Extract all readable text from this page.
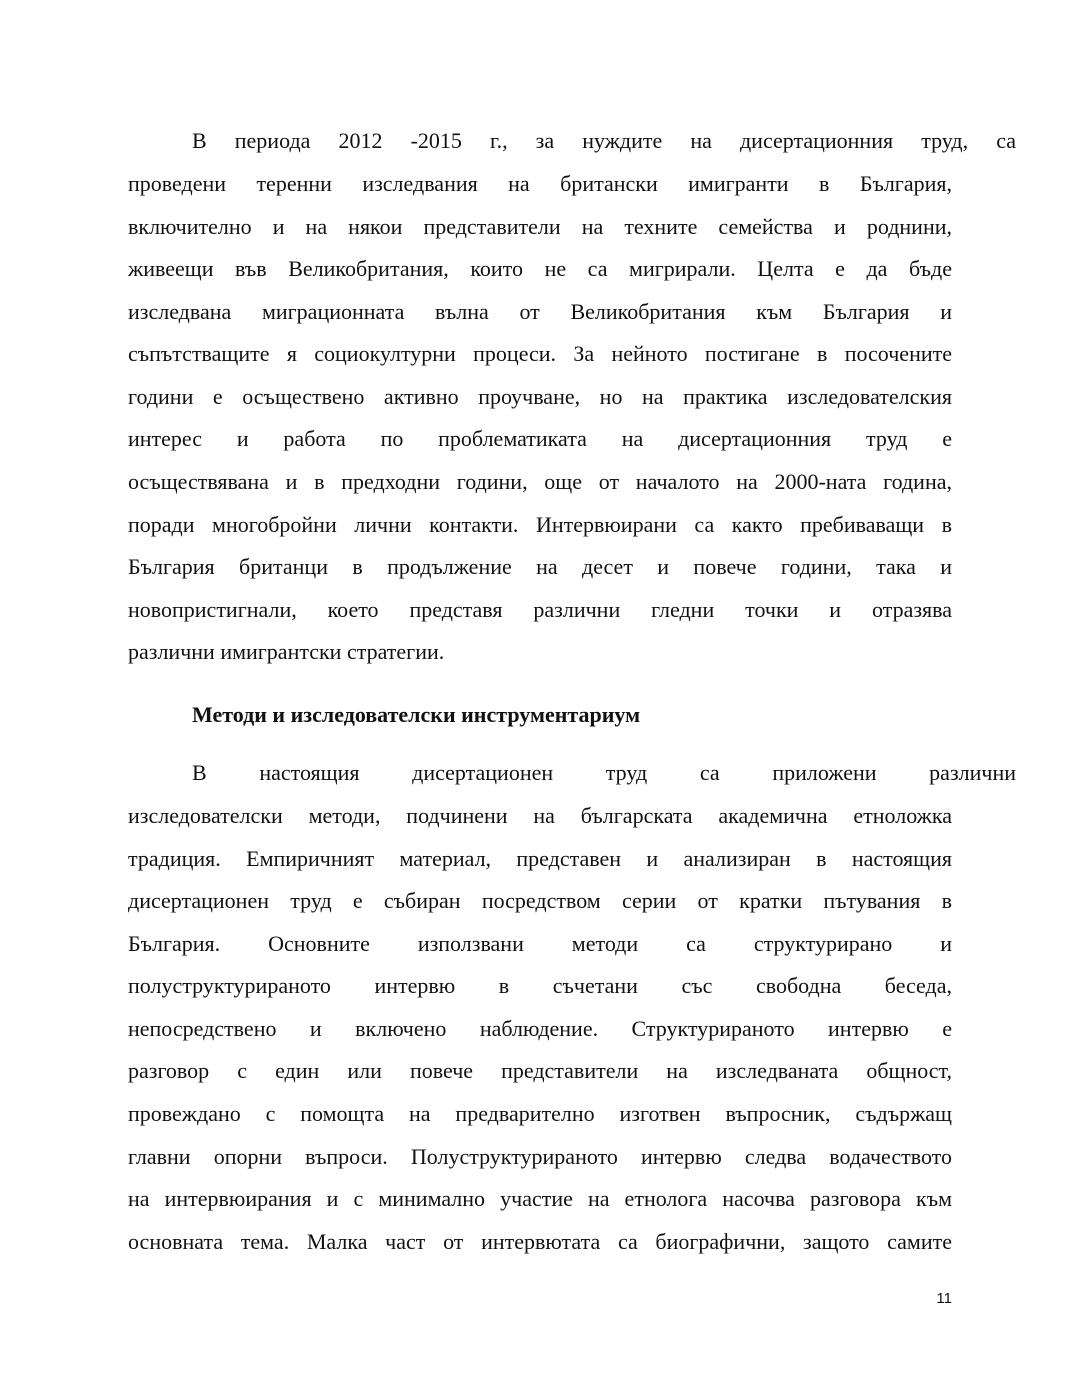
В периода 2012 -2015 г., за нуждите на дисертационния труд, са
проведени теренни изследвания на британски имигранти в България,
включително и на някои представители на техните семейства и роднини,
живеещи във Великобритания, които не са мигрирали. Целта е да бъде
изследвана миграционната вълна от Великобритания към България и
съпътстващите я социокултурни процеси. За нейното постигане в посочените
години е осъществено активно проучване, но на практика изследователския
интерес и работа по проблематиката на дисертационния труд е
осъществявана и в предходни години, още от началото на 2000-ната година,
поради многобройни лични контакти. Интервюирани са както пребиваващи в
България британци в продължение на десет и повече години, така и
новопристигнали, което представя различни гледни точки и отразява
различни имигрантски стратегии.
Методи и изследователски инструментариум
В настоящия дисертационен труд са приложени различни
изследователски методи, подчинени на българската академична етноложка
традиция. Емпиричният материал, представен и анализиран в настоящия
дисертационен труд е събиран посредством серии от кратки пътувания в
България. Основните използвани методи са структурирано и
полуструктурираното интервю в съчетани със свободна беседа,
непосредствено и включено наблюдение. Структурираното интервю е
разговор с един или повече представители на изследваната общност,
провеждано с помощта на предварително изготвен въпросник, съдържащ
главни опорни въпроси. Полуструктурираното интервю следва водачеството
на интервюирания и с минимално участие на етнолога насочва разговора към
основната тема. Малка част от интервютата са биографични, защото самите
11
